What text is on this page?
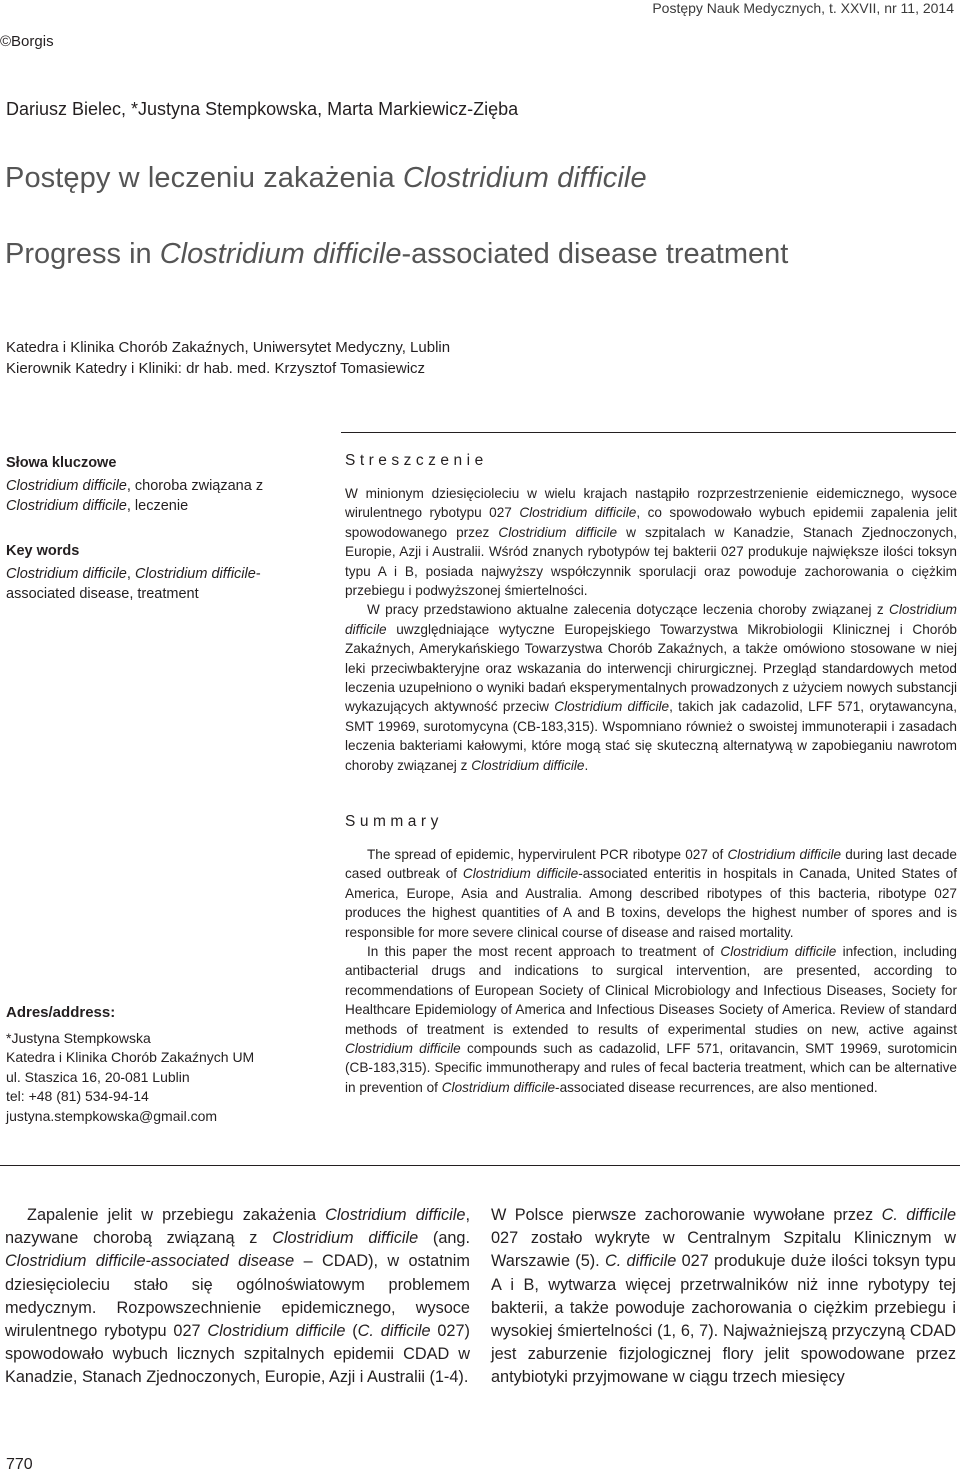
Postępy Nauk Medycznych, t. XXVII, nr 11, 2014
©Borgis
Dariusz Bielec, *Justyna Stempkowska, Marta Markiewicz-Zięba
Postępy w leczeniu zakażenia Clostridium difficile
Progress in Clostridium difficile-associated disease treatment
Katedra i Klinika Chorób Zakaźnych, Uniwersytet Medyczny, Lublin
Kierownik Katedry i Kliniki: dr hab. med. Krzysztof Tomasiewicz
Słowa kluczowe

Clostridium difficile, choroba związana z Clostridium difficile, leczenie

Key words

Clostridium difficile, Clostridium difficile-associated disease, treatment

Streszczenie

W minionym dziesięcioleciu w wielu krajach nastąpiło rozprzestrzenienie eidemicznego, wysoce wirulentnego rybotypu 027 Clostridium difficile, co spowodowało wybuch epidemii zapalenia jelit spowodowanego przez Clostridium difficile w szpitalach w Kanadzie, Stanach Zjednoczonych, Europie, Azji i Australii. Wśród znanych rybotypów tej bakterii 027 produkuje największe ilości toksyn typu A i B, posiada najwyższy współczynnik sporulacji oraz powoduje zachorowania o ciężkim przebiegu i podwyższonej śmiertelności.

W pracy przedstawiono aktualne zalecenia dotyczące leczenia choroby związanej z Clostridium difficile uwzględniające wytyczne Europejskiego Towarzystwa Mikrobiologii Klinicznej i Chorób Zakaźnych, Amerykańskiego Towarzystwa Chorób Zakaźnych, a także omówiono stosowane w niej leki przeciwbakteryjne oraz wskazania do interwencji chirurgicznej. Przegląd standardowych metod leczenia uzupełniono o wyniki badań eksperymentalnych prowadzonych z użyciem nowych substancji wykazujących aktywność przeciw Clostridium difficile, takich jak cadazolid, LFF 571, orytawancyna, SMT 19969, surotomycyna (CB-183,315). Wspomniano również o swoistej immunoterapii i zasadach leczenia bakteriami kałowymi, które mogą stać się skuteczną alternatywą w zapobieganiu nawrotom choroby związanej z Clostridium difficile.

Summary

The spread of epidemic, hypervirulent PCR ribotype 027 of Clostridium difficile during last decade cased outbreak of Clostridium difficile-associated enteritis in hospitals in Canada, United States of America, Europe, Asia and Australia. Among described ribotypes of this bacteria, ribotype 027 produces the highest quantities of A and B toxins, develops the highest number of spores and is responsible for more severe clinical course of disease and raised mortality.

In this paper the most recent approach to treatment of Clostridium difficile infection, including antibacterial drugs and indications to surgical intervention, are presented, according to recommendations of European Society of Clinical Microbiology and Infectious Diseases, Society for Healthcare Epidemiology of America and Infectious Diseases Society of America. Review of standard methods of treatment is extended to results of experimental studies on new, active against Clostridium difficile compounds such as cadazolid, LFF 571, oritavancin, SMT 19969, surotomicin (CB-183,315). Specific immunotherapy and rules of fecal bacteria treatment, which can be alternative in prevention of Clostridium difficile-associated disease recurrences, are also mentioned.

Adres/address:
*Justyna Stempkowska
Katedra i Klinika Chorób Zakaźnych UM
ul. Staszica 16, 20-081 Lublin
tel: +48 (81) 534-94-14
justyna.stempkowska@gmail.com

Zapalenie jelit w przebiegu zakażenia Clostridium difficile, nazywane chorobą związaną z Clostridium difficile (ang. Clostridium difficile-associated disease – CDAD), w ostatnim dziesięcioleciu stało się ogólnoświatowym problemem medycznym. Rozpowszechnienie epidemicznego, wysoce wirulentnego rybotypu 027 Clostridium difficile (C. difficile 027) spowodowało wybuch licznych szpitalnych epidemii CDAD w Kanadzie, Stanach Zjednoczonych, Europie, Azji i Australii (1-4).

W Polsce pierwsze zachorowanie wywołane przez C. difficile 027 zostało wykryte w Centralnym Szpitalu Klinicznym w Warszawie (5). C. difficile 027 produkuje duże ilości toksyn typu A i B, wytwarza więcej przetrwalników niż inne rybotypy tej bakterii, a także powoduje zachorowania o ciężkim przebiegu i wysokiej śmiertelności (1, 6, 7). Najważniejszą przyczyną CDAD jest zaburzenie fizjologicznej flory jelit spowodowane przez antybiotyki przyjmowane w ciągu trzech miesięcy

770
